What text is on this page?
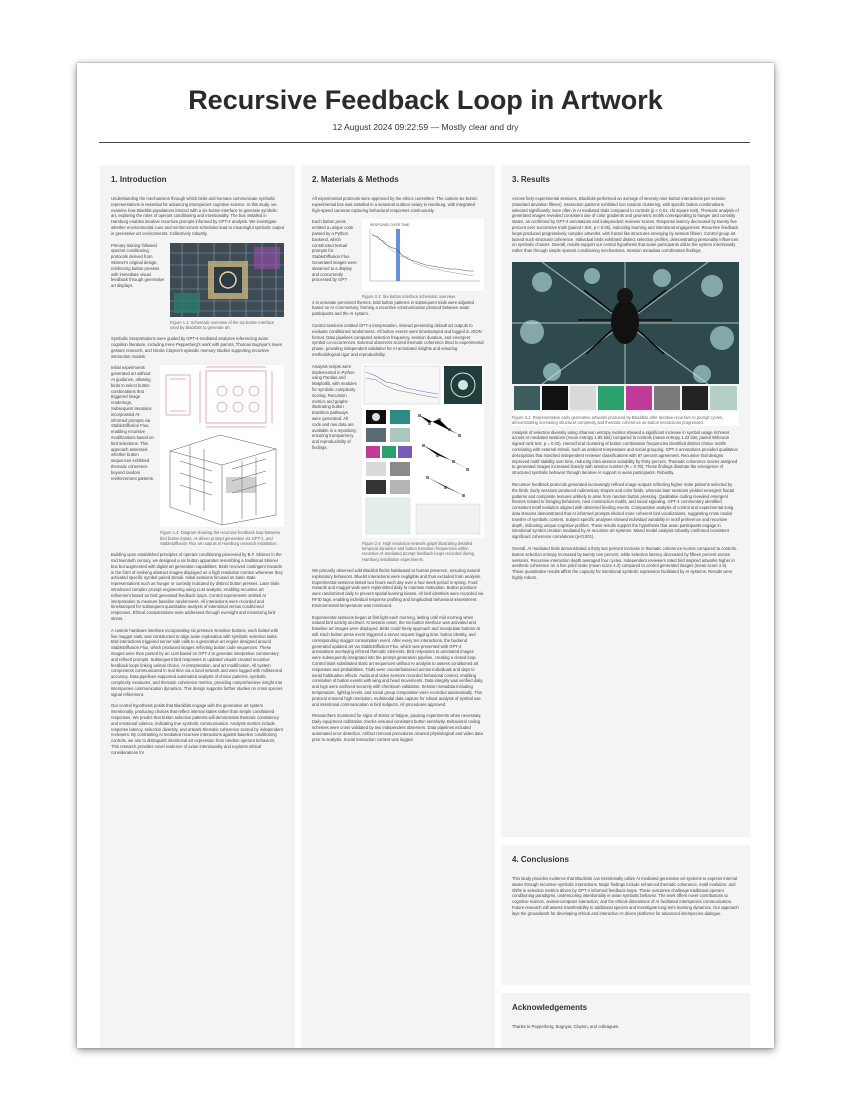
Recursive Feedback Loop in Artwork
12 August 2024 09:22:59 — Mostly clear and dry
1. Introduction

Understanding the mechanisms through which birds and humans communicate symbolic representations is essential for advancing interspecies cognitive science. In this study, we examine how Blackbit populations interact with a six-button interface to generate symbolic art, exploring the roles of operant conditioning and intentionality. The box installed in Hamburg enables iterative recursive prompts informed by GPT-4 analysis. We investigate whether environmental cues and reinforcement schedules lead to meaningful symbolic output in generative art environments. Collectively robustly.

Primary training followed operant conditioning protocols derived from Skinner's original design, reinforcing button presses with immediate visual feedback through generative art displays.
Figure 1.1: Schematic overview of the six-button interface used by Blackbits to generate art.

Symbolic interpretations were guided by GPT-4-mediated analyses referencing avian cognition literature, including Irene Pepperberg's work with parrots, Thomas Bugnyar's raven gesture research, and Nicola Clayton's episodic memory studies supporting recursive interaction models.

Initial experiments generated art without AI guidance, allowing birds to select button combinations that triggered image renderings. Subsequent iterations incorporated AI-informed prompts via StableDiffusion Flux, enabling recursive modifications based on bird selections. This approach assessed whether button sequences exhibited thematic coherence beyond random reinforcement patterns.
Figure 1.4: Diagram showing the recursive feedback loop between bird button inputs, AI-driven prompt generation via GPT-4, and StableDiffusion Flux art outputs in Hamburg research installation.

Building upon established principles of operant conditioning pioneered by B.F. Skinner in the mid twentieth century, we designed a six button apparatus resembling a traditional Skinner box but augmented with digital art generation capabilities. Birds received contingent rewards in the form of evolving abstract images displayed on a high resolution monitor whenever they activated specific symbol paired stimuli. Initial sessions focused on basic state representations such as hunger or curiosity indicated by distinct button presses. Later trials introduced complex prompt engineering using LLM analysis, enabling recursive art refinement based on bird generated feedback loops. Control experiments omitted AI interpretation to measure baseline randomness. All interactions were recorded and timestamped for subsequent quantitative analysis of intentional versus conditioned responses. Ethical considerations were addressed through oversight and minimizing bird stress.

A custom hardware interface incorporating six pressure sensitive buttons, each baited with live maggot vials, was constructed to align avian exploration with symbolic selection tasks. Bird interactions triggered server side calls to a generative art engine designed around StableDiffusion Flux, which produced images reflecting button code sequences. These images were then parsed by an LLM based on GPT-4 to generate interpretive commentary and refined prompts. Subsequent bird responses to updated visuals created recursive feedback loops linking animal choice, AI interpretation, and art modification. All system components communicated in real time via a local network and were logged with millisecond accuracy. Data pipelines supported automated analysis of choice patterns, symbolic complexity measures, and thematic coherence metrics, providing comprehensive insight into interspecies communication dynamics. This design supports further studies on cross species signal refinement.

Our central hypothesis posits that Blackbits engage with the generative art system intentionally, producing choices that reflect internal states rather than simple conditioned responses. We predict that button selection patterns will demonstrate thematic consistency and emotional valence, indicating true symbolic communication. Analysis metrics include response latency, selection diversity, and artwork thematic coherence scored by independent reviewers. By contrasting AI mediated recursive interactions against baseline conditioning controls, we aim to distinguish intentional art expression from random operant behaviors. This research provides novel evidence of avian intentionality and explores ethical considerations for

2. Materials & Methods

All experimental protocols were approved by the ethics committee. The custom six-button experimental box was installed in a seasonal outdoor aviary in Hamburg, with integrated high-speed cameras capturing behavioral responses continuously.

Each button press emitted a unique code parsed by a Python backend, which constructed textual prompts for StableDiffusion Flux. Generated images were streamed to a display and concurrently processed by GPT-
RESPONSE OVER TIME
Figure 2.1: Six-button interface schematic overview.

4 to annotate perceived themes. Bird button patterns in subsequent trials were adjusted based on AI commentary, forming a recursive communication protocol between avian participants and the AI system.

Control sessions omitted GPT-4 interpretation, instead presenting default art outputs to evaluate conditioned randomness. All button events were timestamped and logged in JSON format. Data pipelines computed selection frequency, session duration, and emergent symbol co-occurrences. External observers scored thematic coherence blind to experimental phase, providing independent validation for AI annotated insights and ensuring methodological rigor and reproducibility.

Analysis scripts were implemented in Python using Pandas and Matplotlib, with modules for symbolic complexity scoring. Recursion metrics and graphs illustrating button transition pathways were generated. All code and raw data are available in a repository, ensuring transparency and reproducibility of findings.
Figure 2.4: High resolution network graph illustrating detailed temporal dynamics and button transition frequencies within recursive AI-mediated prompt feedback loops recorded during Hamburg installation experiments.

We primarily observed wild Blackbit flocks habituated to human presence, ensuring natural exploratory behaviors. Bluebit interactions were negligible and thus excluded from analysis. Experimental sessions lasted two hours each day over a four week period in spring. Food rewards and maggot vials were replenished daily to maintain motivation. Button positions were randomized daily to prevent spatial learning biases. All bird identities were recorded via RFID tags, enabling individual response profiling and longitudinal behavioral assessment. Environmental temperature was monitored.

Experimental sessions began at first light each morning, lasting until mid morning when natural bird activity declined. At session onset, the six-button interface was activated and baseline art images were displayed. Birds could freely approach and manipulate buttons at will. Each button press event triggered a server request logging time, button identity, and corresponding maggot consumption event. After every ten interactions, the backend generated updated art via StableDiffusion Flux, which was presented with GPT-4 annotations overlaying inferred thematic elements. Bird responses to annotated images were subsequently integrated into the prompt generation pipeline, creating a closed loop. Control trials substituted static art sequences without AI analysis to assess conditioned art responses and probabilities. Trials were counterbalanced across individuals and days to avoid habituation effects. Audio and video sensors recorded behavioral context, enabling correlation of button events with wing and head movements. Data integrity was verified daily, and logs were archived securely with checksum validation. Session metadata including temperature, lighting levels, and social group composition were recorded automatically. This protocol ensured high resolution, multimodal data capture for robust analysis of symbol use and intentional communication in bird subjects. All procedures approved.

Researchers monitored for signs of stress or fatigue, pausing experiments when necessary. Daily equipment calibration checks ensured consistent button sensitivity. Behavioral coding schemes were cross validated by two independent observers. Data pipelines included automated error detection. Artifact removal procedures cleaned physiological and video data prior to analysis. Social interaction context was logged.

3. Results

Across forty experimental sessions, Blackbits performed an average of seventy nine button interactions per session (standard deviation fifteen). Interaction patterns exhibited non random clustering, with specific button combinations selected significantly more often in AI mediated trials compared to controls (p < 0.01, chi square test). Thematic analysis of generated images revealed consistent use of color gradients and geometric motifs corresponding to hunger and curiosity states, as confirmed by GPT-4 annotations and independent reviewer scores. Response latency decreased by twenty five percent over successive trials (paired t test, p < 0.05), indicating learning and intentional engagement. Recursive feedback loops produced progressively complex artworks, with fractal like structures emerging by session fifteen. Control group art lacked such structural coherence. Individual birds exhibited distinct selection profiles, demonstrating personality influences on symbolic choices. Overall, results support our central hypothesis that avian participants utilize the system intentionally rather than through simple operant conditioning mechanisms. Session metadata corroborates findings.

Figure 3.1: Representative early generative artworks produced by Blackbits after iterative recursive AI prompt cycles, demonstrating increasing structural complexity and thematic coherence as button interactions progressed.

Analysis of selection diversity using Shannon entropy metrics showed a significant increase in symbol usage richness across AI mediated sessions (mean entropy 1.85 bits) compared to controls (mean entropy 1.22 bits; paired Wilcoxon signed rank test, p = 0.02). Hierarchical clustering of button combination frequencies identified distinct choice motifs correlating with external stimuli, such as ambient temperature and social grouping. GPT-4 annotations provided qualitative descriptions that matched independent reviewer classifications with 87 percent agreement. Recursive trial designs improved motif stability over time, reducing intra session variability by thirty percent. Thematic coherence scores assigned to generated images increased linearly with session number (R = 0.78). These findings illustrate the emergence of structured symbolic behavior through iterative AI support in avian participants. Robustly.

Recursive feedback protocols generated increasingly refined image outputs reflecting higher order patterns selected by the birds. Early sessions produced rudimentary shapes and color fields, whereas later sessions yielded emergent fractal patterns and composite textures unlikely to arise from random button pressing. Qualitative coding revealed emergent themes related to foraging behaviors, nest construction motifs, and social signaling. GPT-4 commentary identified consistent motif evolution aligned with observed feeding events. Comparative analysis of control and experimental song data streams demonstrated that AI informed prompts elicited more coherent bird vocalizations, suggesting cross modal transfer of symbolic content. Subject specific analyses showed individual variability in motif preference and recursive depth, indicating unique cognitive profiles. These results support the hypothesis that avian participants engage in intentional symbol creation mediated by AI recursive art systems. Mixed model analysis robustly confirmed consistent significant coherence correlations (p<0.001).

Overall, AI mediated trials demonstrated a thirty two percent increase in thematic coherence scores compared to controls. Button selection entropy increased by twenty one percent, while selection latency decreased by fifteen percent across sessions. Recursive interaction depth averaged four cycles. Independent reviewers rated bird inspired artworks higher in aesthetic coherence on a five point scale (mean score 4.2) compared to control generated images (mean score 2.9). These quantitative results affirm the capacity for intentional symbolic expression facilitated by AI systems. Results were highly robust.

4. Conclusions

This study provides evidence that Blackbits can intentionally utilize AI mediated generative art systems to express internal states through recursive symbolic interactions. Major findings include enhanced thematic coherence, motif evolution, and shifts in selection metrics driven by GPT-4 informed feedback loops. These outcomes challenge traditional operant conditioning paradigms, underscoring intentionality in avian symbolic behavior. The work offers novel contributions to cognitive science, animal-computer interaction, and the ethical dimensions of AI facilitated interspecies communication. Future research will assess transferability to additional species and investigate long term learning dynamics. Our approach lays the groundwork for developing ethical and interactive AI driven platforms for advanced interspecies dialogue.

Acknowledgements

Thanks to Pepperberg, Bugnyar, Clayton, and colleagues.
